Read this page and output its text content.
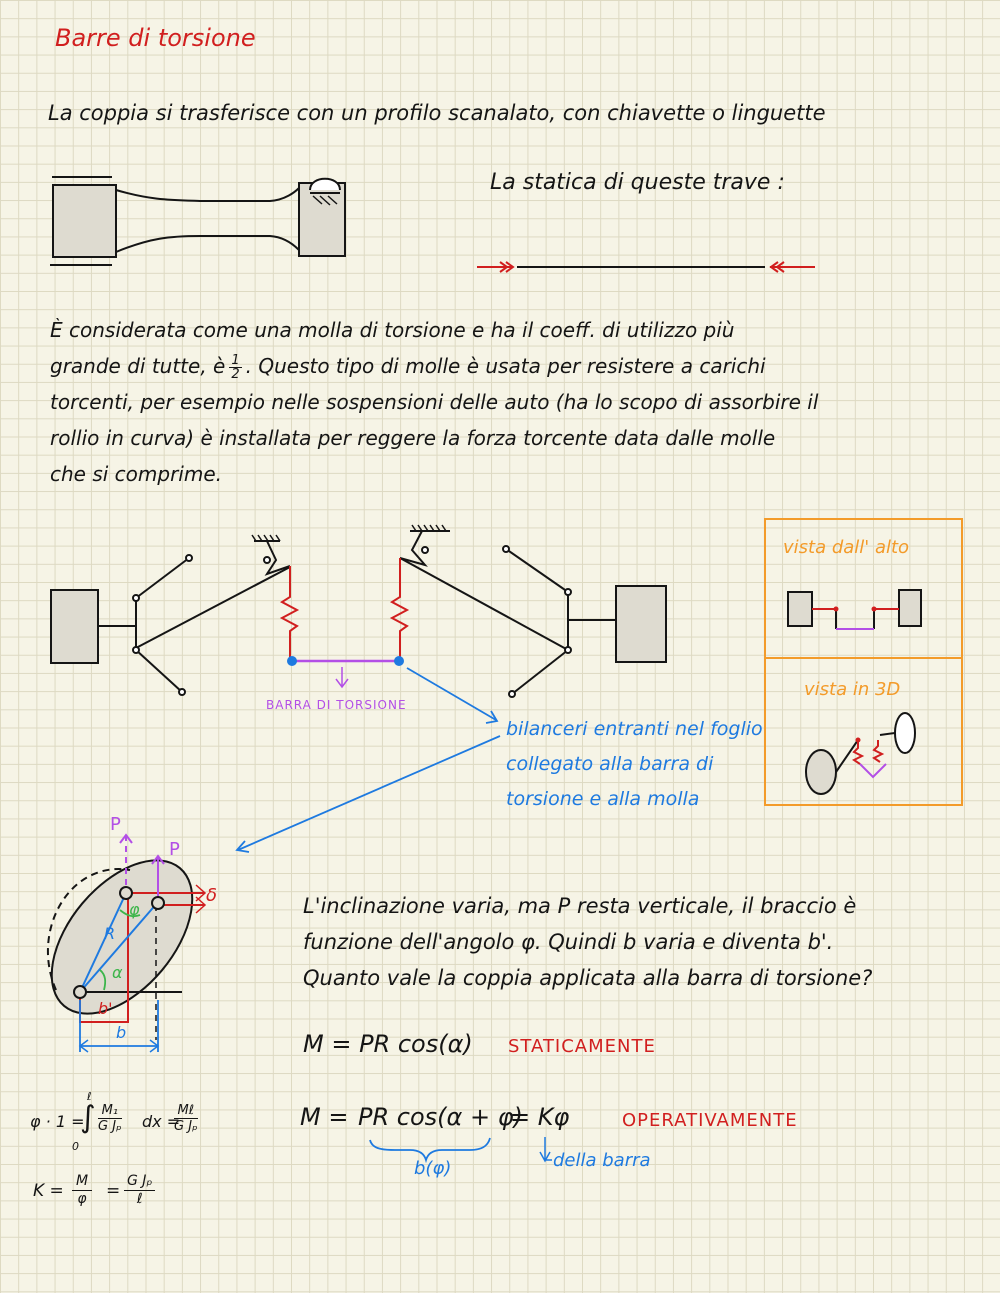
Barre di torsione
La coppia si trasferisce con un profilo scanalato, con chiavette o linguette
La statica di queste trave :
È considerata come una molla di torsione e ha il coeff. di utilizzo più
grande di tutte, è $\frac{1}{2}$ . Questo tipo di molle è usata per resistere a carichi
torcenti, per esempio nelle sospensioni delle auto (ha lo scopo di assorbire il
rollio in curva) è installata per reggere la forza torcente data dalle molle
che si comprime.
BARRA DI TORSIONE
bilanceri entranti nel foglio
collegato alla barra di
torsione e alla molla
vista dall' alto
vista in 3D
P
P
φ
R
α
b'
b
δ	L'inclinazione varia, ma P resta verticale, il braccio è
funzione dell'angolo φ. Quindi b varia e diventa b'.
Quanto vale la coppia applicata alla barra di torsione?
M = PR cos(α) STATICAMENTE
M = PR cos(α + φ)
= Kφ	OPERATIVAMENTE
b(φ)	della barra
φ · 1 =
∫
ℓ
0
$\frac{\text{M₁}}{\text{G Jₚ}}$ dx =
Mℓ
G Jₚ
$K = \frac{M}{\varphi} = G$ Jₚ
ℓ
